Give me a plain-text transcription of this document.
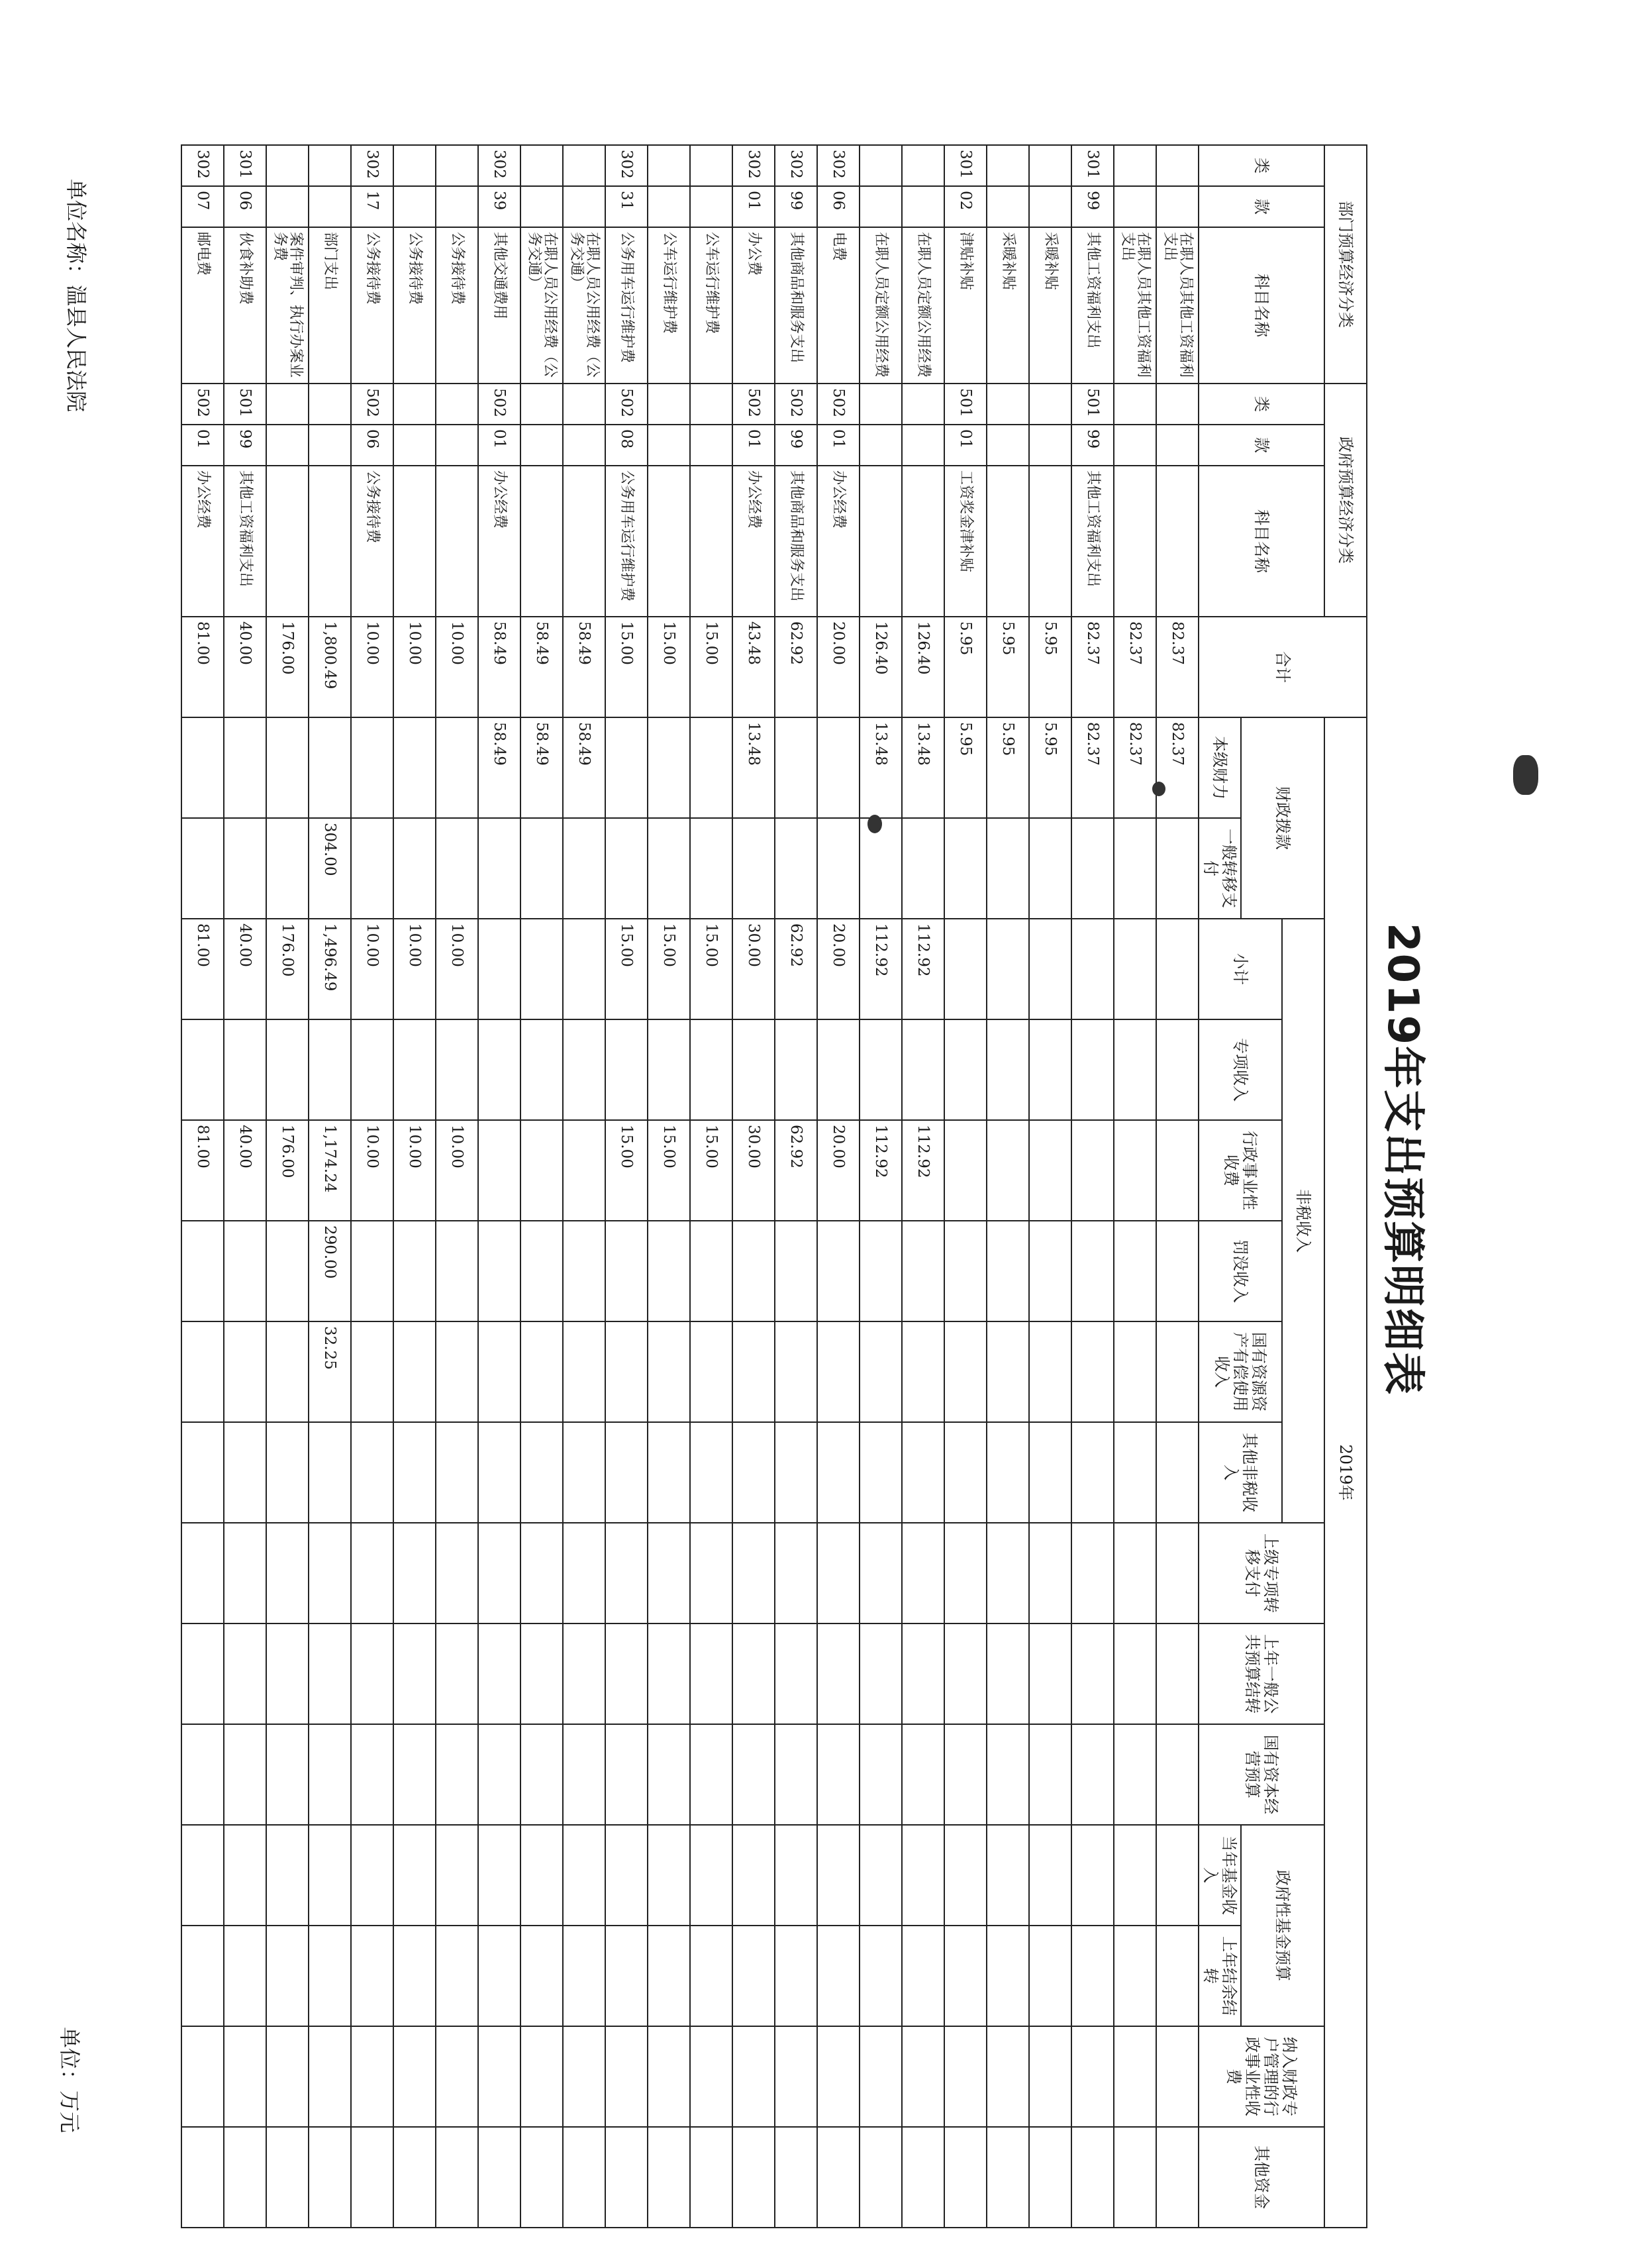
2019年支出预算明细表
单位名称：温县人民法院
单位：万元
部门预算经济分类			政府预算经济分类			合计	2019年														
类	款	科目名称	类	款	科目名称		财政拨款		非税收入						上级专项转移支付	上年一般公共预算结转	国有资本经营预算	政府性基金预算		纳入财政专户管理的行政事业性收费	其他资金
									小计	专项收入	行政事业性收费	罚没收入	国有资源资产有偿使用收入	其他非税收入							
							本级财力	一般转移支付										当年基金收入	上年结余结转		
		在职人员其他工资福利支出				82.37	82.37														
		在职人员其他工资福利支出				82.37	82.37														
301	99	其他工资福利支出	501	99	其他工资福利支出	82.37	82.37														
		采暖补贴				5.95	5.95														
		采暖补贴				5.95	5.95														
301	02	津贴补贴	501	01	工资奖金津补贴	5.95	5.95														
		在职人员定额公用经费				126.40	13.48		112.92		112.92										
		在职人员定额公用经费				126.40	13.48		112.92		112.92										
302	06	电费	502	01	办公经费	20.00			20.00		20.00										
302	99	其他商品和服务支出	502	99	其他商品和服务支出	62.92			62.92		62.92										
302	01	办公费	502	01	办公经费	43.48	13.48		30.00		30.00										
		公车运行维护费				15.00			15.00		15.00										
		公车运行维护费				15.00			15.00		15.00										
302	31	公务用车运行维护费	502	08	公务用车运行维护费	15.00			15.00		15.00										
		在职人员公用经费（公务交通）				58.49	58.49														
		在职人员公用经费（公务交通）				58.49	58.49														
302	39	其他交通费用	502	01	办公经费	58.49	58.49														
		公务接待费				10.00			10.00		10.00										
		公务接待费				10.00			10.00		10.00										
302	17	公务接待费	502	06	公务接待费	10.00			10.00		10.00										
		部门支出				1,800.49		304.00	1,496.49		1,174.24	290.00	32.25								
		案件审判、执行办案业务费				176.00			176.00		176.00										
301	06	伙食补助费	501	99	其他工资福利支出	40.00			40.00		40.00										
302	07	邮电费	502	01	办公经费	81.00			81.00		81.00										
